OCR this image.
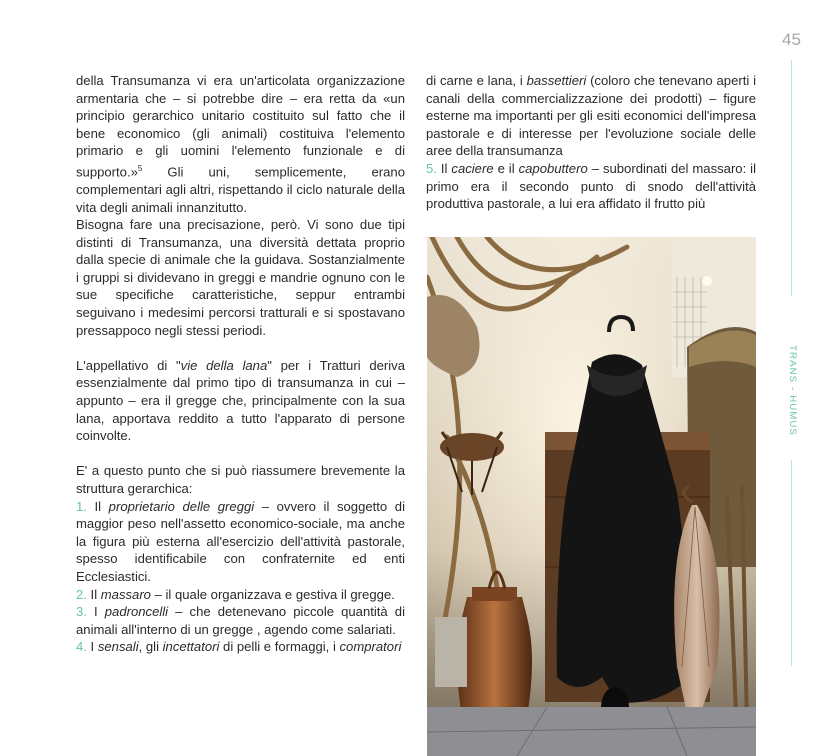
45
TRANS - HUMUS

della Transumanza vi era un'articolata organizzazione armentaria che – si potrebbe dire – era retta da «un principio gerarchico unitario costituito sul fatto che il bene economico (gli animali) costituiva l'elemento primario e gli uomini l'elemento funzionale e di supporto.»$^5$ Gli uni, semplicemente, erano complementari agli altri, rispettando il ciclo naturale della vita degli animali innanzitutto.

Bisogna fare una precisazione, però. Vi sono due tipi distinti di Transumanza, una diversità dettata proprio dalla specie di animale che la guidava. Sostanzialmente i gruppi si dividevano in greggi e mandrie ognuno con le sue specifiche caratteristiche, seppur entrambi seguivano i medesimi percorsi tratturali e si spostavano pressappoco negli stessi periodi.

L'appellativo di "vie della lana" per i Tratturi deriva essenzialmente dal primo tipo di transumanza in cui – appunto – era il gregge che, principalmente con la sua lana, apportava reddito a tutto l'apparato di persone coinvolte.

E' a questo punto che si può riassumere brevemente la struttura gerarchica:

1. Il proprietario delle greggi – ovvero il soggetto di maggior peso nell'assetto economico-sociale, ma anche la figura più esterna all'esercizio dell'attività pastorale, spesso identificabile con confraternite ed enti Ecclesiastici.

2. Il massaro – il quale organizzava e gestiva il gregge.

3. I padroncelli – che detenevano piccole quantità di animali all'interno di un gregge , agendo come salariati.

4. I sensali, gli incettatori di pelli e formaggi, i compratori

di carne e lana, i bassettieri (coloro che tenevano aperti i canali della commercializzazione dei prodotti) – figure esterne ma importanti per gli esiti economici dell'impresa pastorale e di interesse per l'evoluzione sociale delle aree della transumanza

5. Il caciere e il capobuttero – subordinati del massaro: il primo era il secondo punto di snodo dell'attività produttiva pastorale, a lui era affidato il frutto più
